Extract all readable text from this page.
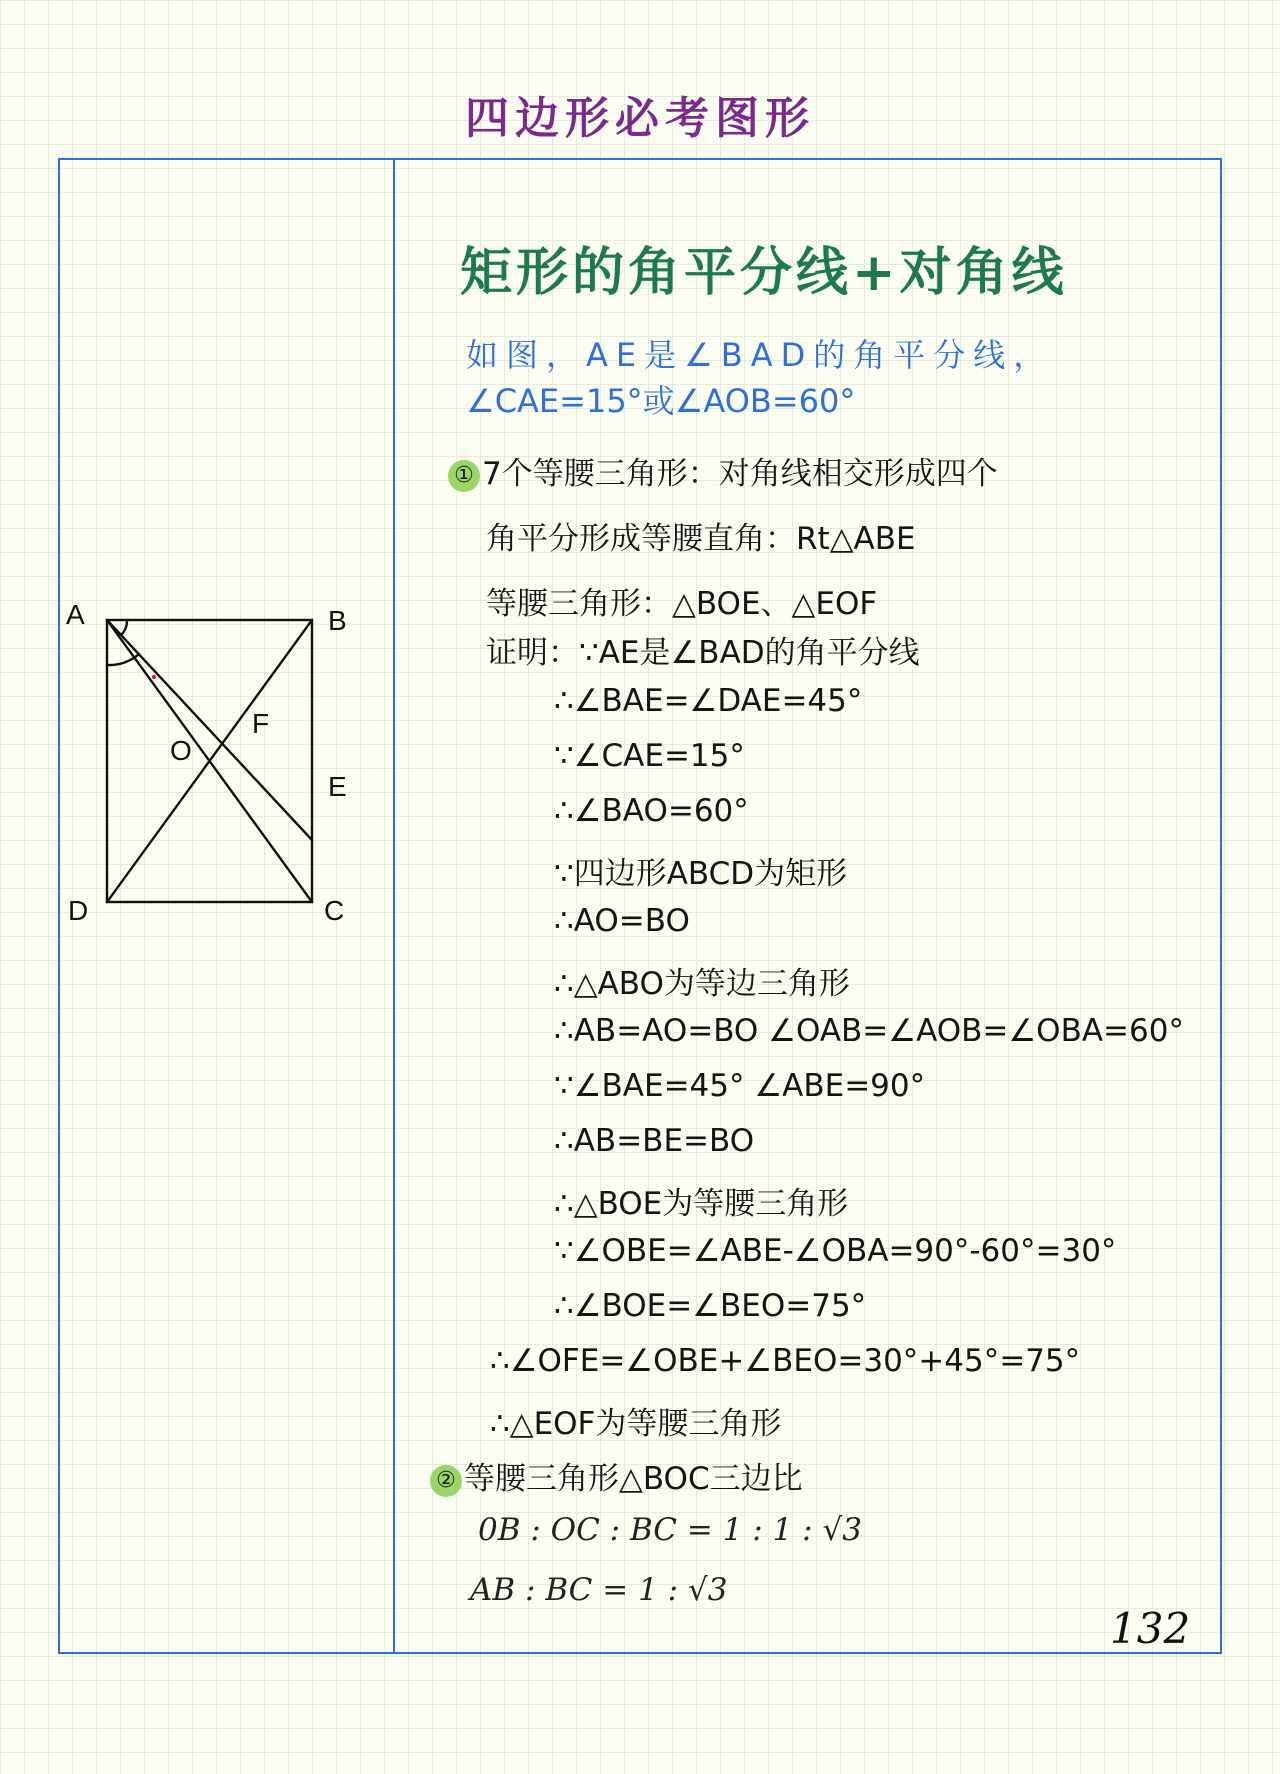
四边形必考图形
A	B
C
D
E
F
O
矩形的角平分线+对角线
如图，AE是∠BAD的角平分线，
∠CAE=15°或∠AOB=60°
① 7个等腰三角形：对角线相交形成四个
角平分形成等腰直角：Rt△ABE
等腰三角形：△BOE、△EOF
证明：∵AE是∠BAD的角平分线
∴∠BAE=∠DAE=45°
∵∠CAE=15°
∴∠BAO=60°
∵四边形ABCD为矩形
∴AO=BO
∴△ABO为等边三角形
∴AB=AO=BO ∠OAB=∠AOB=∠OBA=60°
∵∠BAE=45° ∠ABE=90°
∴AB=BE=BO
∴△BOE为等腰三角形
∵∠OBE=∠ABE-∠OBA=90°-60°=30°
∴∠BOE=∠BEO=75°
∴∠OFE=∠OBE+∠BEO=30°+45°=75°
∴△EOF为等腰三角形
② 等腰三角形△BOC三边比
0B : OC : BC = 1 : 1 : √3
AB : BC = 1 : √3
132
